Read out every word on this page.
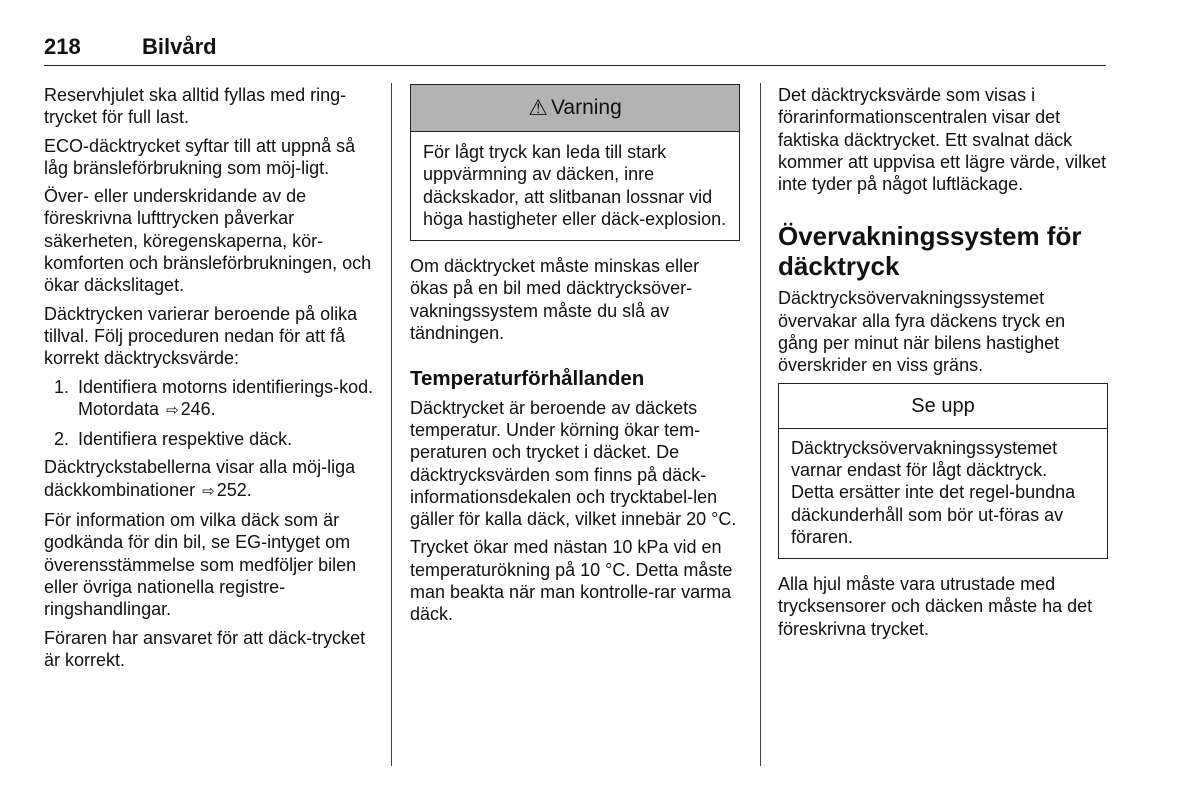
218	Bilvård

Reservhjulet ska alltid fyllas med ring-trycket för full last.

ECO-däcktrycket syftar till att uppnå så låg bränsleförbrukning som möj-ligt.

Över- eller underskridande av de föreskrivna lufttrycken påverkar säkerheten, köregenskaperna, kör-komforten och bränsleförbrukningen, och ökar däckslitaget.

Däcktrycken varierar beroende på olika tillval. Följ proceduren nedan för att få korrekt däcktrycksvärde:

1. Identifiera motorns identifierings-kod. Motordata ⇨ 246.
2. Identifiera respektive däck.

Däcktryckstabellerna visar alla möj-liga däckkombinationer ⇨ 252.

För information om vilka däck som är godkända för din bil, se EG-intyget om överensstämmelse som medföljer bilen eller övriga nationella registre-ringshandlingar.

Föraren har ansvaret för att däck-trycket är korrekt.

⚠ Varning
För lågt tryck kan leda till stark uppvärmning av däcken, inre däckskador, att slitbanan lossnar vid höga hastigheter eller däck-explosion.

Om däcktrycket måste minskas eller ökas på en bil med däcktrycksöver-vakningssystem måste du slå av tändningen.

Temperaturförhållanden

Däcktrycket är beroende av däckets temperatur. Under körning ökar tem-peraturen och trycket i däcket. De däcktrycksvärden som finns på däck-informationsdekalen och trycktabel-len gäller för kalla däck, vilket innebär 20 °C.

Trycket ökar med nästan 10 kPa vid en temperaturökning på 10 °C. Detta måste man beakta när man kontrolle-rar varma däck.

Det däcktrycksvärde som visas i förarinformationscentralen visar det faktiska däcktrycket. Ett svalnat däck kommer att uppvisa ett lägre värde, vilket inte tyder på något luftläckage.

Övervakningssystem för däcktryck

Däcktrycksövervakningssystemet övervakar alla fyra däckens tryck en gång per minut när bilens hastighet överskrider en viss gräns.

Se upp
Däcktrycksövervakningssystemet varnar endast för lågt däcktryck. Detta ersätter inte det regel-bundna däckunderhåll som bör ut-föras av föraren.

Alla hjul måste vara utrustade med trycksensorer och däcken måste ha det föreskrivna trycket.
